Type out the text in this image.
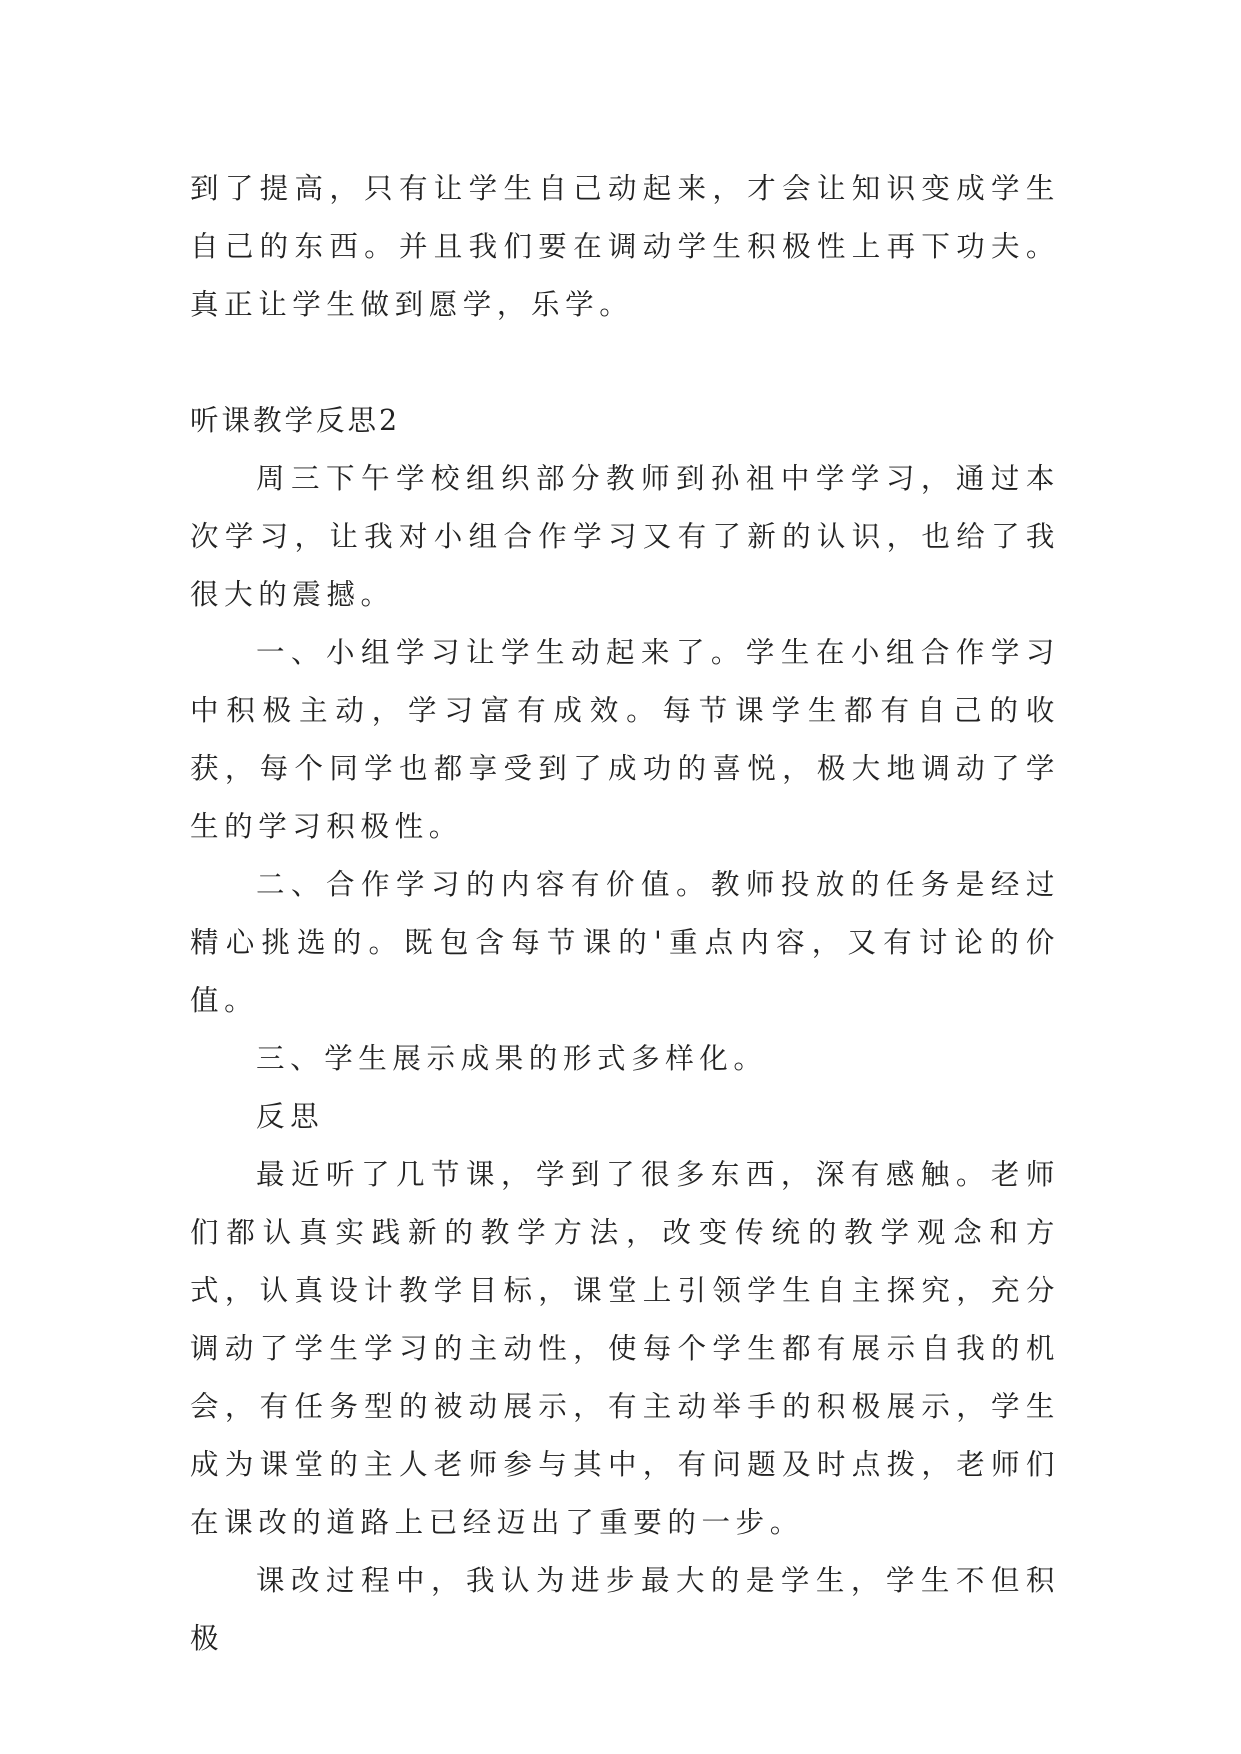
到了提高，只有让学生自己动起来，才会让知识变成学生自己的东西。并且我们要在调动学生积极性上再下功夫。真正让学生做到愿学，乐学。

听课教学反思2

周三下午学校组织部分教师到孙祖中学学习，通过本次学习，让我对小组合作学习又有了新的认识，也给了我很大的震撼。

一、小组学习让学生动起来了。学生在小组合作学习中积极主动，学习富有成效。每节课学生都有自己的收获，每个同学也都享受到了成功的喜悦，极大地调动了学生的学习积极性。

二、合作学习的内容有价值。教师投放的任务是经过精心挑选的。既包含每节课的'重点内容，又有讨论的价值。

三、学生展示成果的形式多样化。

反思

最近听了几节课，学到了很多东西，深有感触。老师们都认真实践新的教学方法，改变传统的教学观念和方式，认真设计教学目标，课堂上引领学生自主探究，充分调动了学生学习的主动性，使每个学生都有展示自我的机会，有任务型的被动展示，有主动举手的积极展示，学生成为课堂的主人老师参与其中，有问题及时点拨，老师们在课改的道路上已经迈出了重要的一步。

课改过程中，我认为进步最大的是学生，学生不但积极
